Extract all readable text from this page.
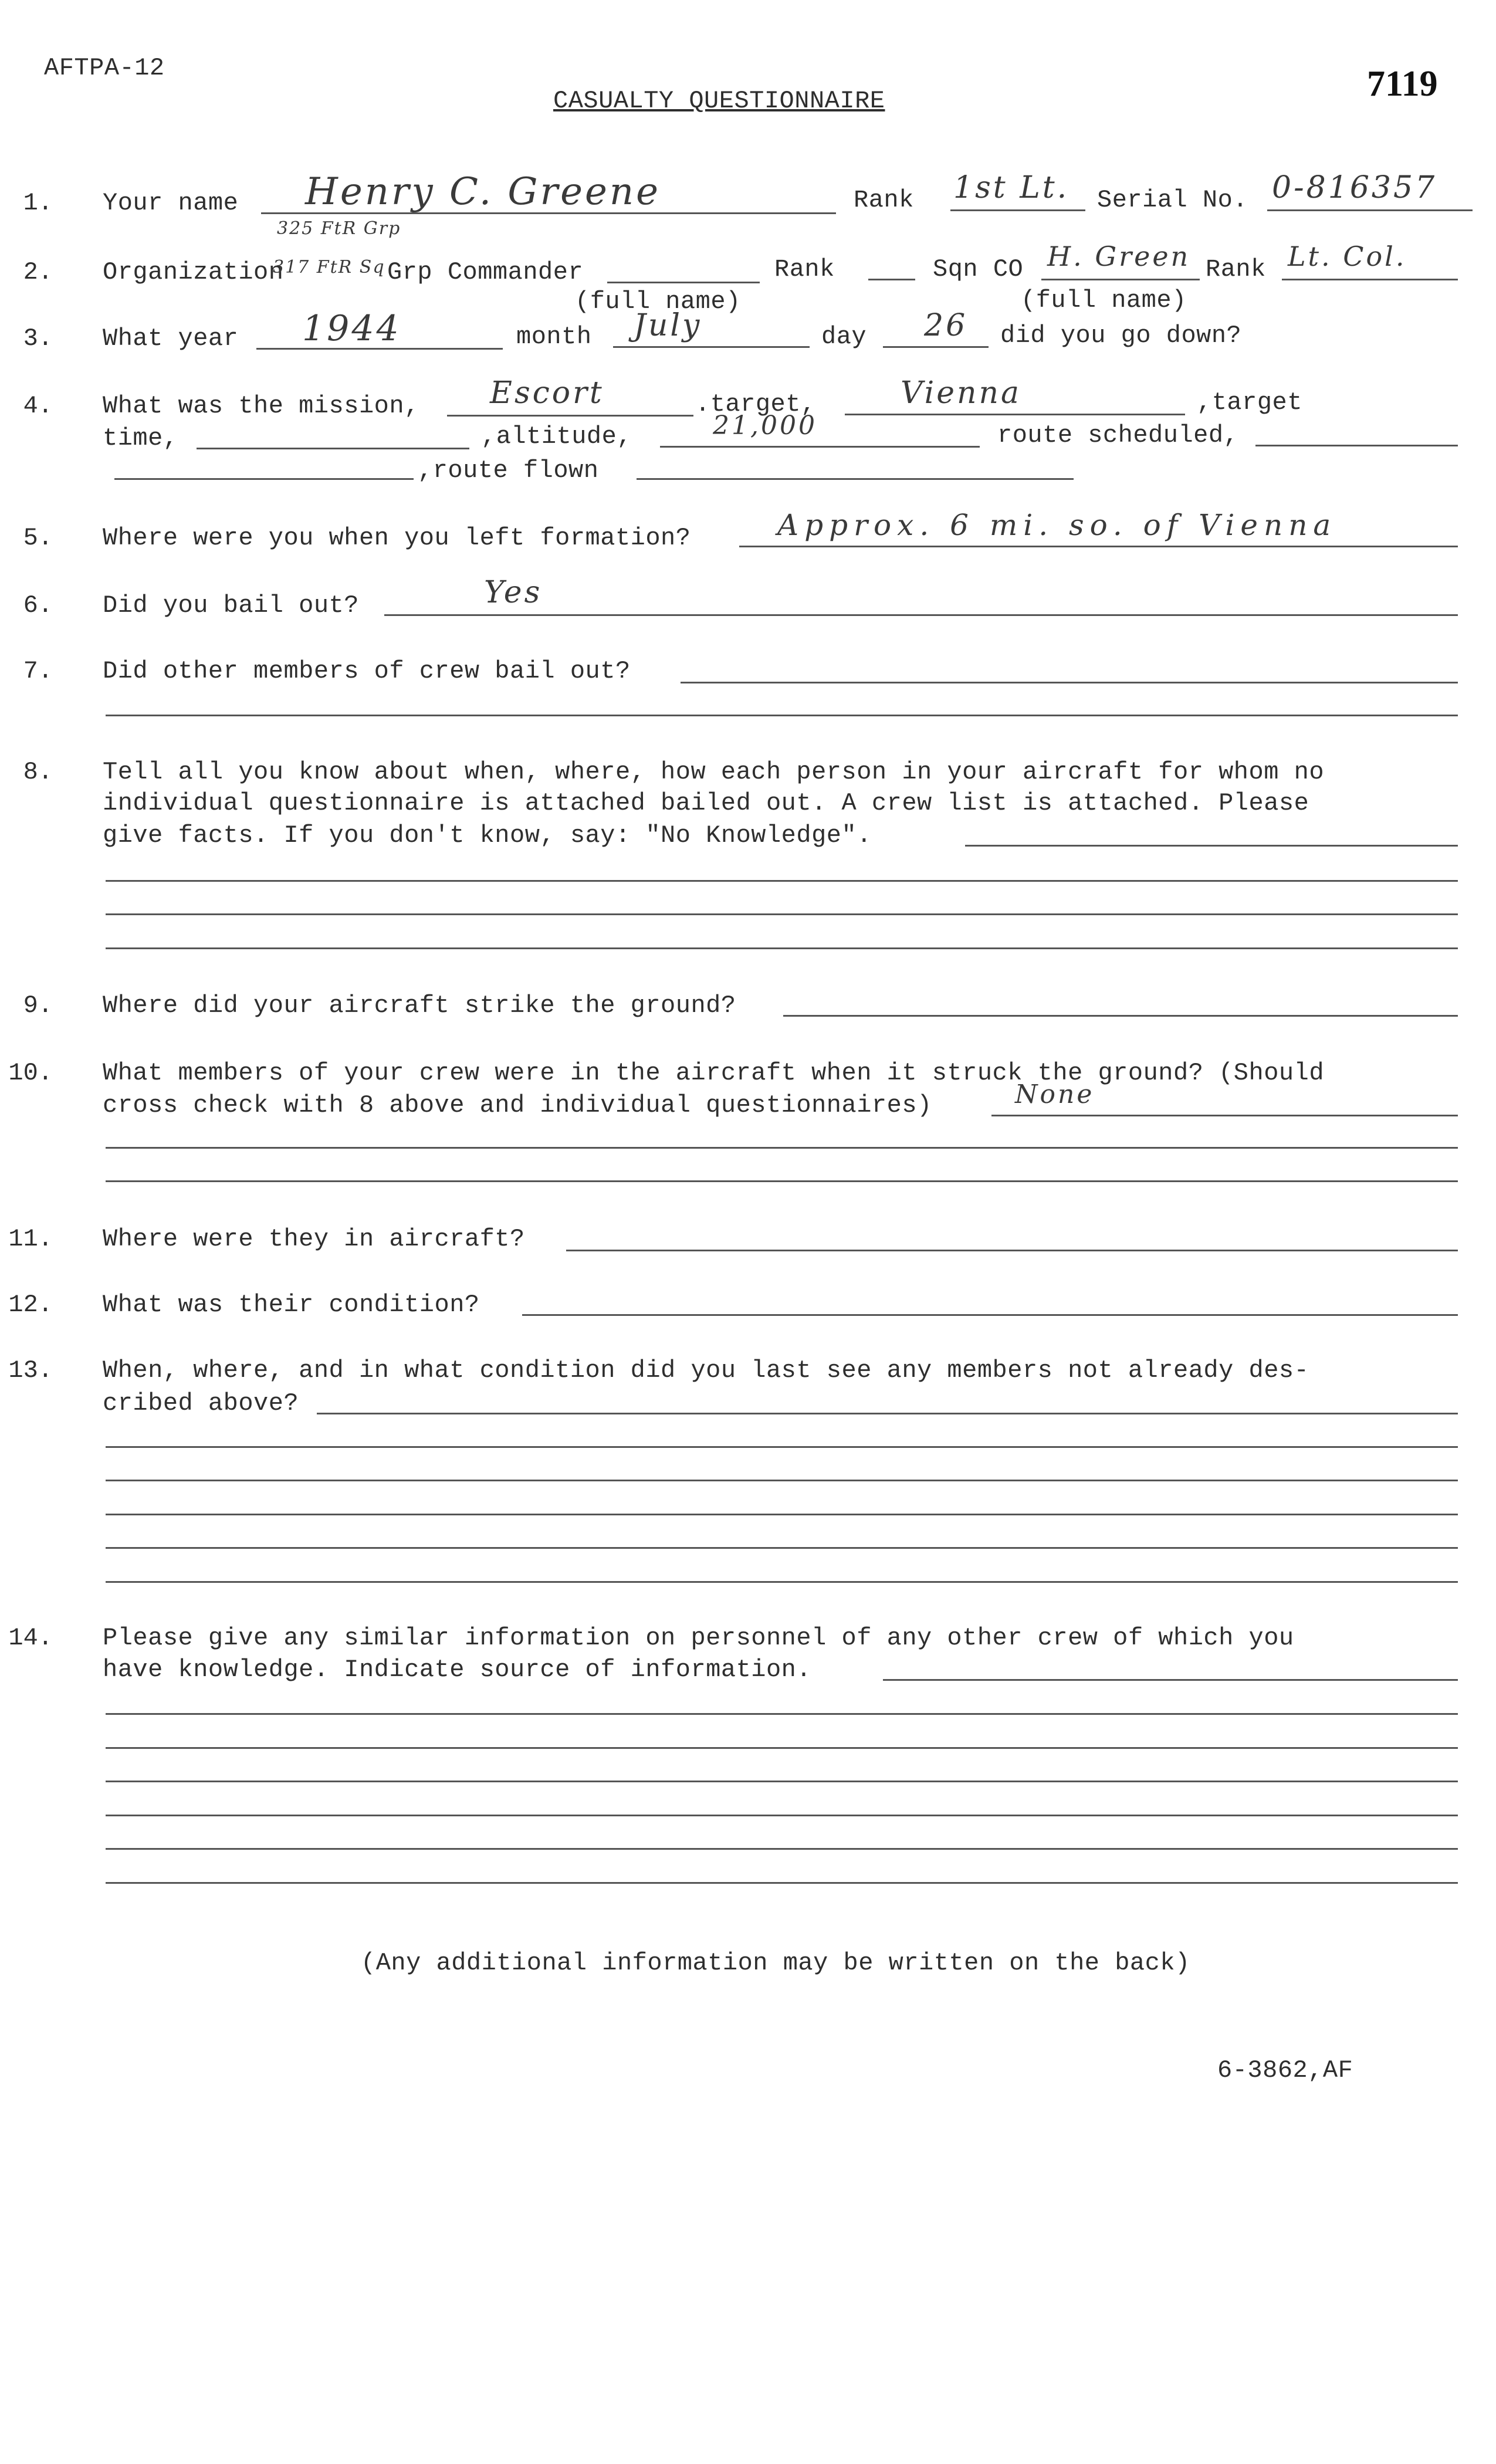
AFTPA-12	7119
CASUALTY QUESTIONNAIRE
1. Your name Henry C. Greene
325 FtR Grp
Rank 1st Lt. Serial No. 0-816357
2. Organization
317 FtR Sq Grp Commander
(full name)
Rank	Sqn CO H. Green
(full name)
Rank Lt. Col.
3. What year 1944	month July	day 26 did you go down?
4. What was the mission, Escort	.target,	Vienna	,target
time,	,altitude,	21,000	route scheduled,
,route flown
5. Where were you when you left formation?	Approx. 6 mi. so. of Vienna
6. Did you bail out?	Yes
7. Did other members of crew bail out?
8. Tell all you know about when, where, how each person in your aircraft for whom no
individual questionnaire is attached bailed out. A crew list is attached. Please
give facts. If you don't know, say: "No Knowledge".
9. Where did your aircraft strike the ground?
10. What members of your crew were in the aircraft when it struck the ground? (Should
cross check with 8 above and individual questionnaires)	None
11. Where were they in aircraft?
12. What was their condition?
13. When, where, and in what condition did you last see any members not already des-
cribed above?
14. Please give any similar information on personnel of any other crew of which you
have knowledge. Indicate source of information.
(Any additional information may be written on the back)
6-3862,AF
